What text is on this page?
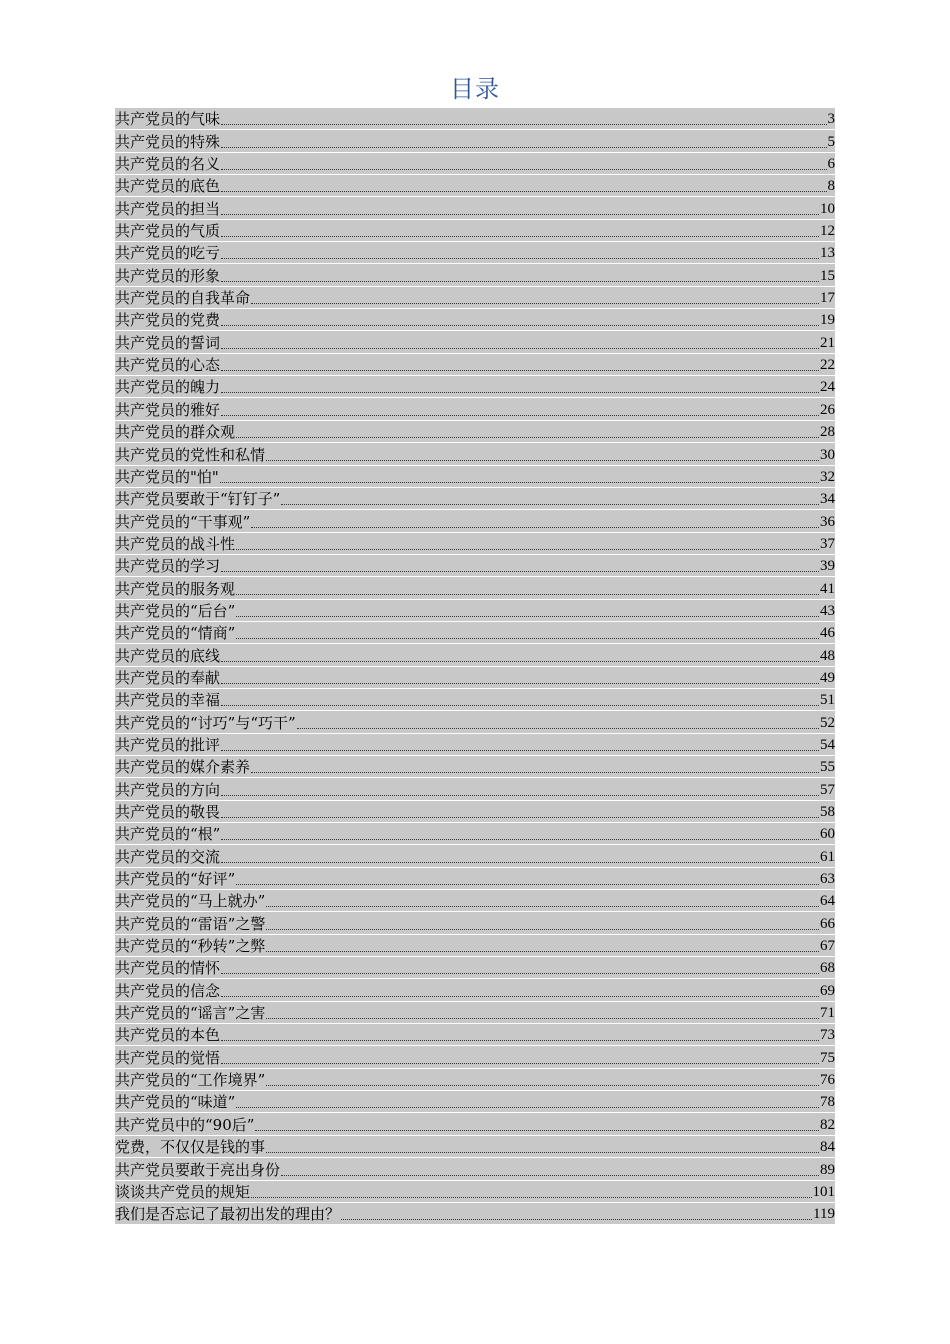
目录
共产党员的气味	3
共产党员的特殊	5
共产党员的名义	6
共产党员的底色	8
共产党员的担当	10
共产党员的气质	12
共产党员的吃亏	13
共产党员的形象	15
共产党员的自我革命	17
共产党员的党费	19
共产党员的誓词	21
共产党员的心态	22
共产党员的魄力	24
共产党员的雅好	26
共产党员的群众观	28
共产党员的党性和私情	30
共产党员的"怕"	32
共产党员要敢于“钉钉子”	34
共产党员的“干事观”	36
共产党员的战斗性	37
共产党员的学习	39
共产党员的服务观	41
共产党员的“后台”	43
共产党员的“情商”	46
共产党员的底线	48
共产党员的奉献	49
共产党员的幸福	51
共产党员的“讨巧”与“巧干”	52
共产党员的批评	54
共产党员的媒介素养	55
共产党员的方向	57
共产党员的敬畏	58
共产党员的“根”	60
共产党员的交流	61
共产党员的“好评”	63
共产党员的“马上就办”	64
共产党员的“雷语”之警	66
共产党员的“秒转”之弊	67
共产党员的情怀	68
共产党员的信念	69
共产党员的“谣言”之害	71
共产党员的本色	73
共产党员的觉悟	75
共产党员的“工作境界”	76
共产党员的“味道”	78
共产党员中的“90后”	82
党费，不仅仅是钱的事	84
共产党员要敢于亮出身份	89
谈谈共产党员的规矩	101
我们是否忘记了最初出发的理由？	119
